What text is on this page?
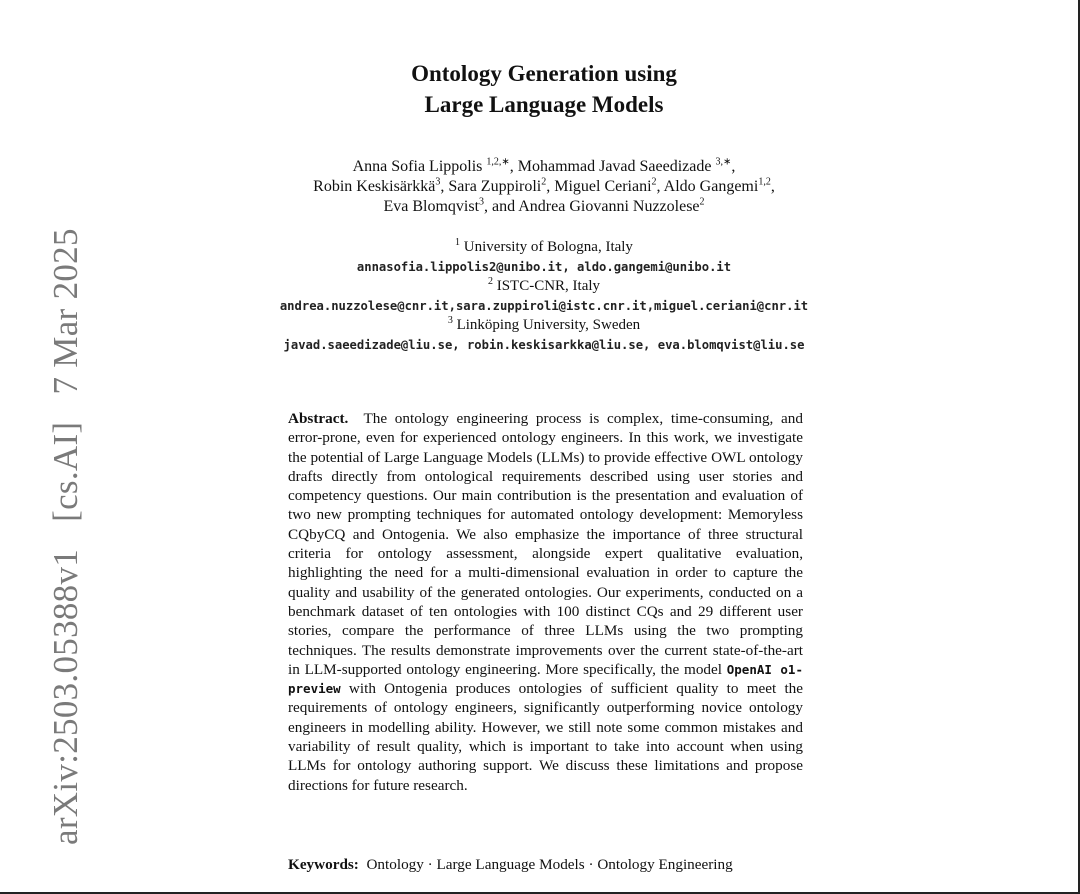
arXiv:2503.05388v1 [cs.AI] 7 Mar 2025
Ontology Generation using
Large Language Models
Anna Sofia Lippolis $^{1,2,∗}$, Mohammad Javad Saeedizade $^{3,∗}$,
Robin Keskisärkkä$^3$, Sara Zuppiroli$^2$, Miguel Ceriani$^2$, Aldo Gangemi$^{1,2}$,
Eva Blomqvist$^3$, and Andrea Giovanni Nuzzolese$^2$
$^1$ University of Bologna, Italy
annasofia.lippolis2@unibo.it, aldo.gangemi@unibo.it
$^2$ ISTC-CNR, Italy
andrea.nuzzolese@cnr.it,sara.zuppiroli@istc.cnr.it,miguel.ceriani@cnr.it
$^3$ Linköping University, Sweden
javad.saeedizade@liu.se, robin.keskisarkka@liu.se, eva.blomqvist@liu.se
Abstract. The ontology engineering process is complex, time-consuming, and error-prone, even for experienced ontology engineers. In this work, we investigate the potential of Large Language Models (LLMs) to provide effective OWL ontology drafts directly from ontological requirements described using user stories and competency questions. Our main contribution is the presentation and evaluation of two new prompting techniques for automated ontology development: Memoryless CQbyCQ and Ontogenia. We also emphasize the importance of three structural criteria for ontology assessment, alongside expert qualitative evaluation, highlighting the need for a multi-dimensional evaluation in order to capture the quality and usability of the generated ontologies. Our experiments, conducted on a benchmark dataset of ten ontologies with 100 distinct CQs and 29 different user stories, compare the performance of three LLMs using the two prompting techniques. The results demonstrate improvements over the current state-of-the-art in LLM-supported ontology engineering. More specifically, the model OpenAI o1-preview with Ontogenia produces ontologies of sufficient quality to meet the requirements of ontology engineers, significantly outperforming novice ontology engineers in modelling ability. However, we still note some common mistakes and variability of result quality, which is important to take into account when using LLMs for ontology authoring support. We discuss these limitations and propose directions for future research.
Keywords: Ontology · Large Language Models · Ontology Engineering
